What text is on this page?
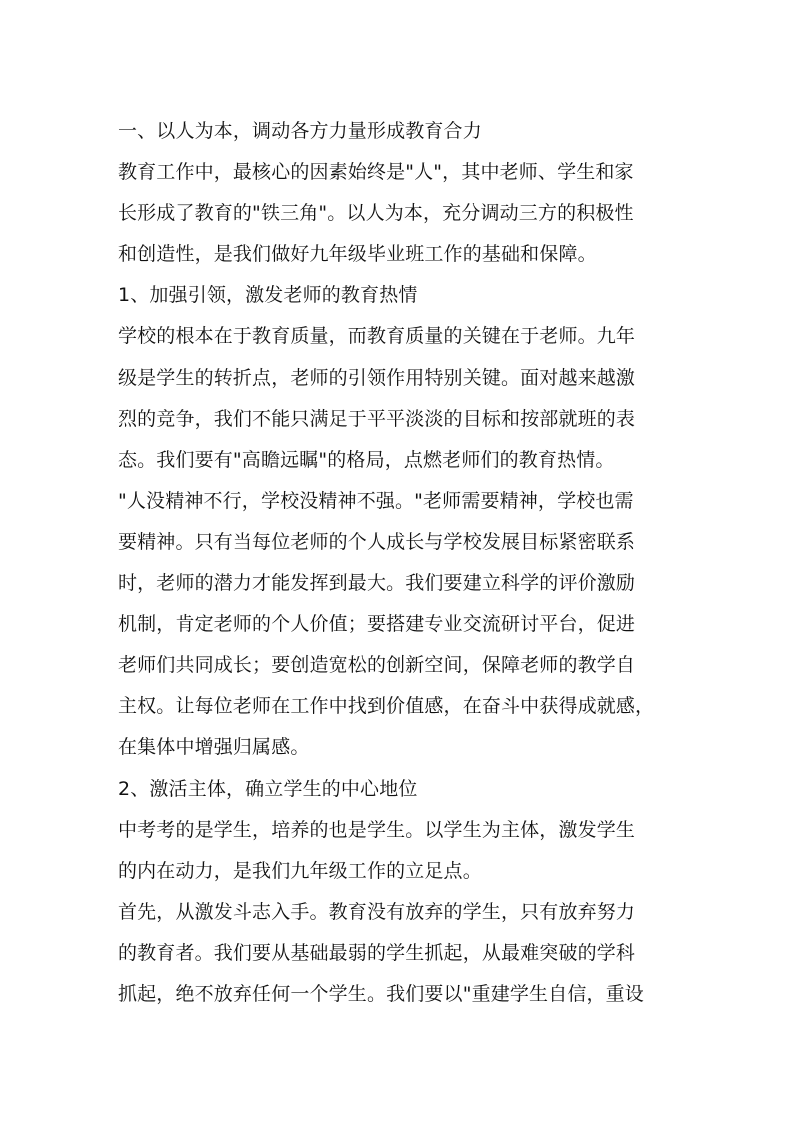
一、以人为本，调动各方力量形成教育合力
教育工作中，最核心的因素始终是"人"，其中老师、学生和家
长形成了教育的"铁三角"。以人为本，充分调动三方的积极性
和创造性，是我们做好九年级毕业班工作的基础和保障。
1、加强引领，激发老师的教育热情
学校的根本在于教育质量，而教育质量的关键在于老师。九年
级是学生的转折点，老师的引领作用特别关键。面对越来越激
烈的竞争，我们不能只满足于平平淡淡的目标和按部就班的表
态。我们要有"高瞻远瞩"的格局，点燃老师们的教育热情。
"人没精神不行，学校没精神不强。"老师需要精神，学校也需
要精神。只有当每位老师的个人成长与学校发展目标紧密联系
时，老师的潜力才能发挥到最大。我们要建立科学的评价激励
机制，肯定老师的个人价值；要搭建专业交流研讨平台，促进
老师们共同成长；要创造宽松的创新空间，保障老师的教学自
主权。让每位老师在工作中找到价值感，在奋斗中获得成就感，
在集体中增强归属感。
2、激活主体，确立学生的中心地位
中考考的是学生，培养的也是学生。以学生为主体，激发学生
的内在动力，是我们九年级工作的立足点。
首先，从激发斗志入手。教育没有放弃的学生，只有放弃努力
的教育者。我们要从基础最弱的学生抓起，从最难突破的学科
抓起，绝不放弃任何一个学生。我们要以"重建学生自信，重设
